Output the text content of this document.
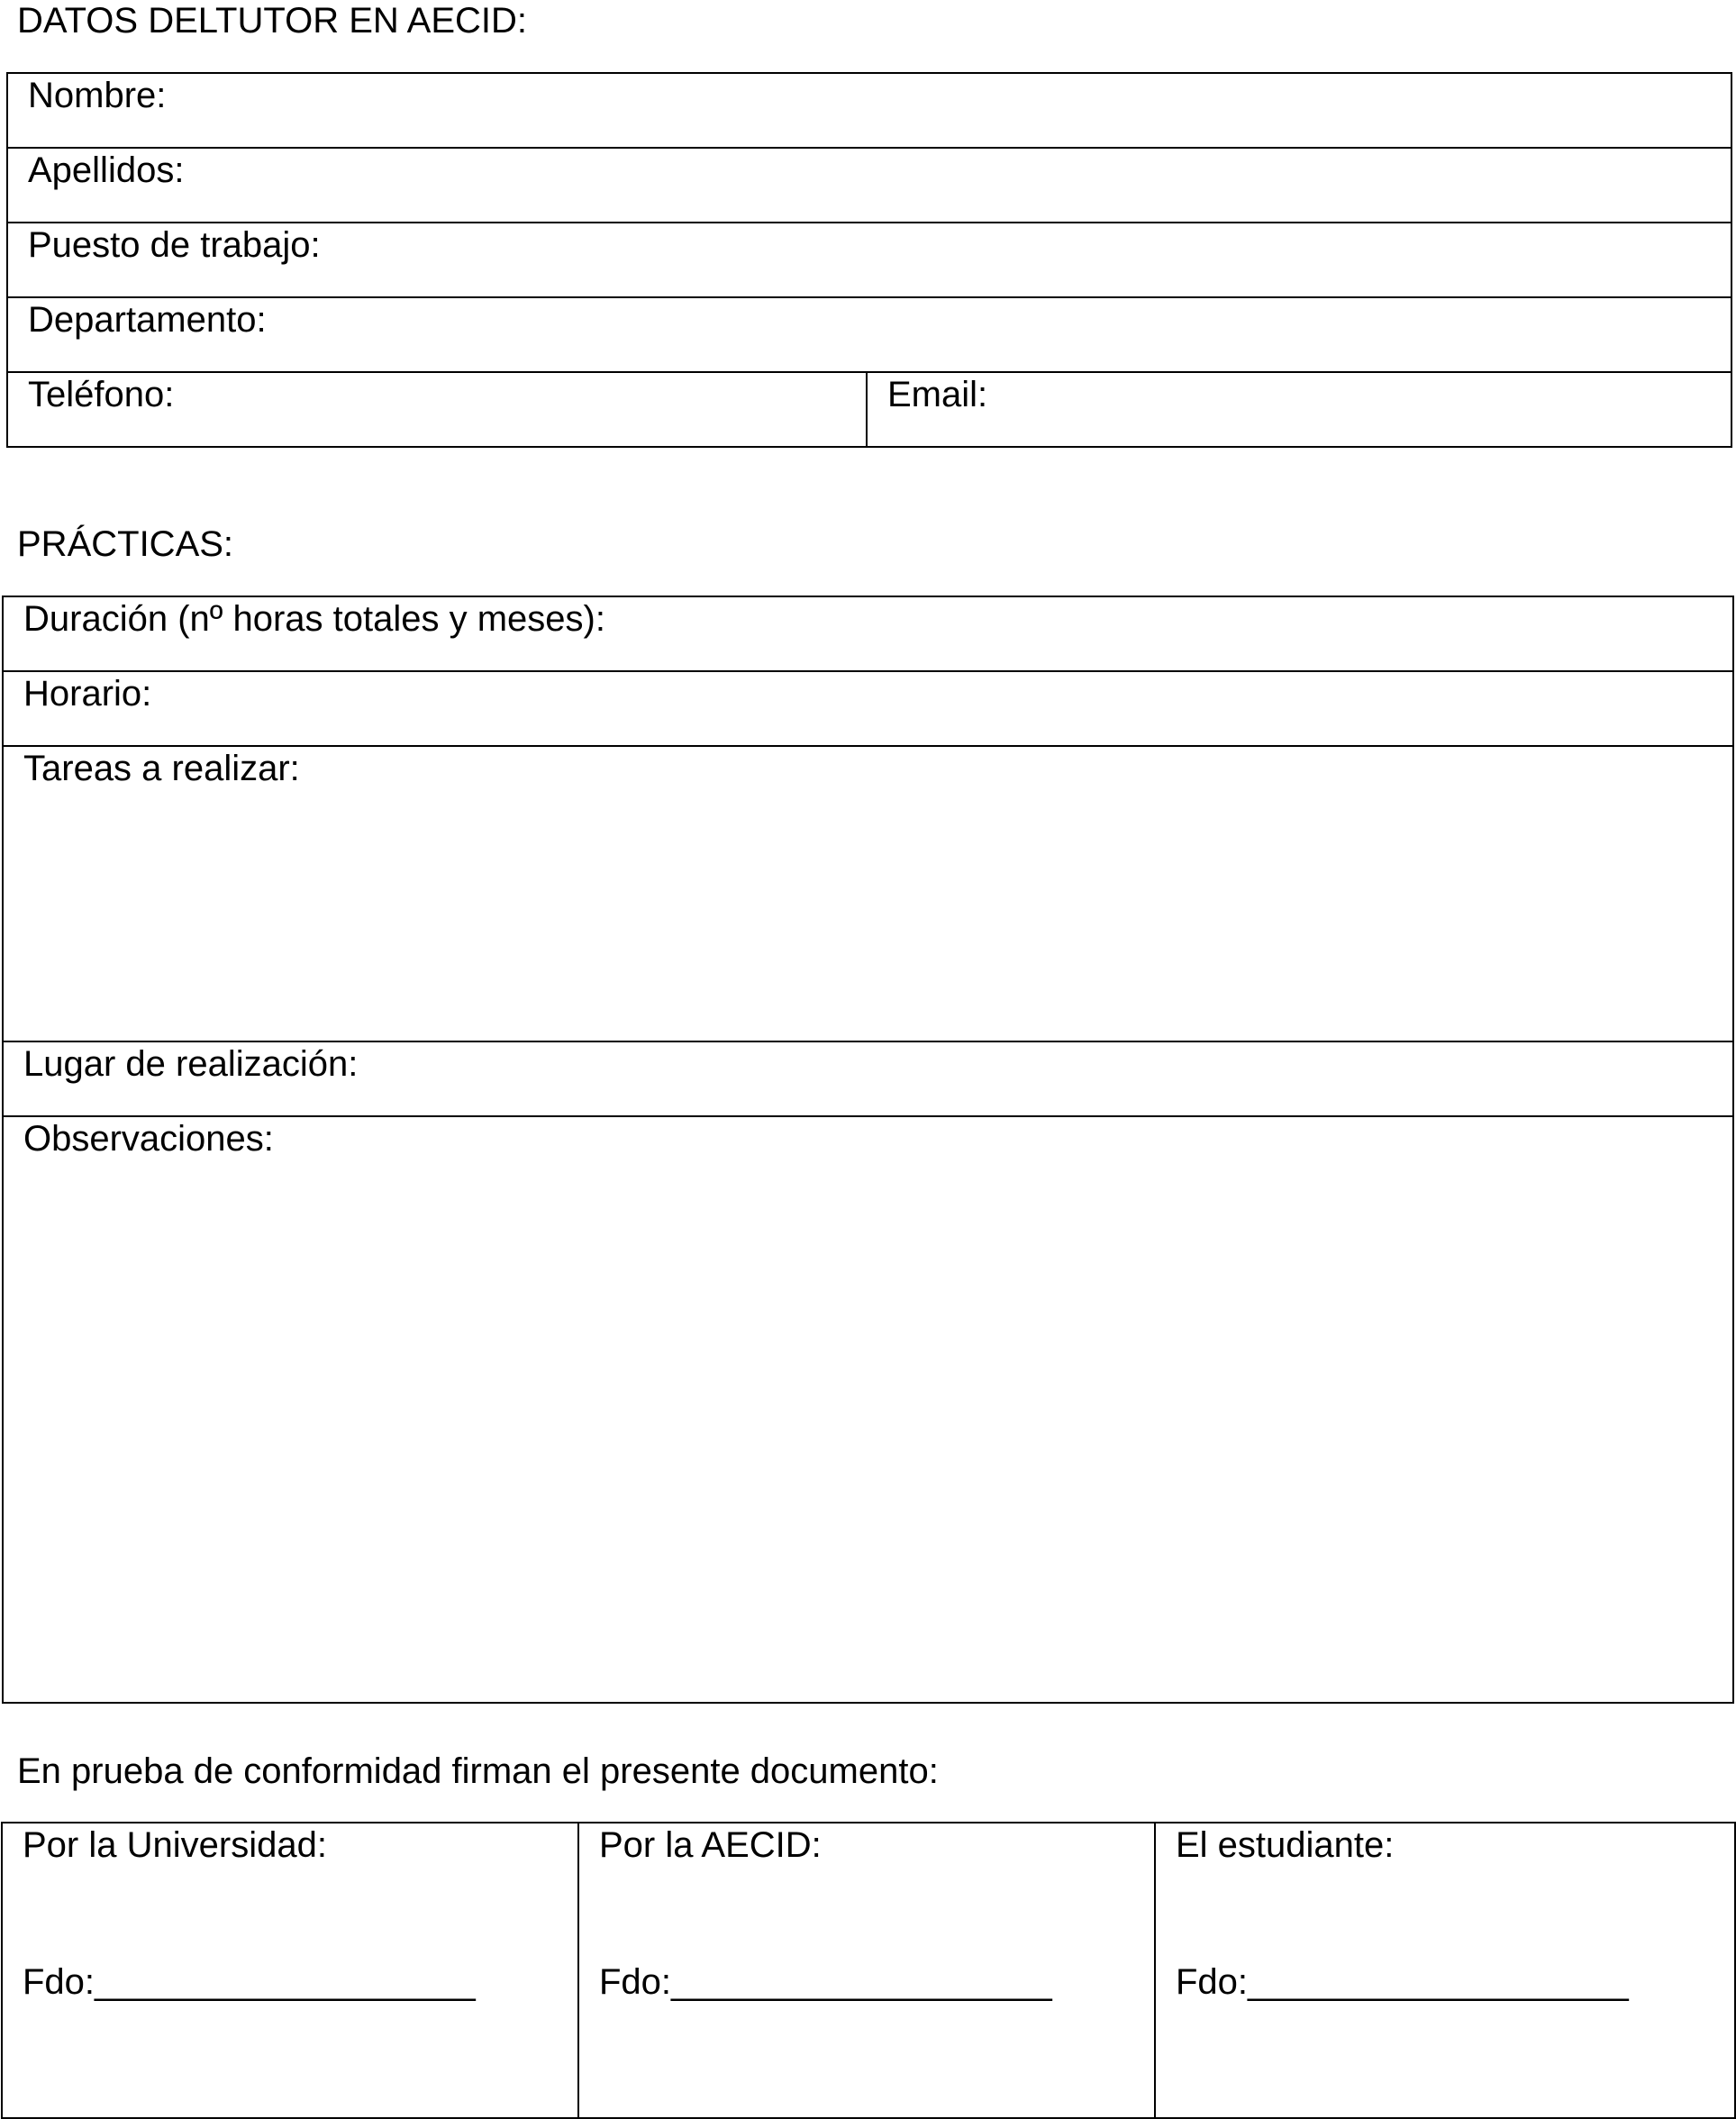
DATOS DELTUTOR EN AECID:
Nombre:

Apellidos:

Puesto de trabajo:

Departamento:

Teléfono:	Email:
PRÁCTICAS:
Duración (nº horas totales y meses):

Horario:

Tareas a realizar:

Lugar de realización:

Observaciones:
En prueba de conformidad firman el presente documento:
Por la Universidad:
Fdo:___________________

Por la AECID:
Fdo:___________________

El estudiante:
Fdo:___________________
